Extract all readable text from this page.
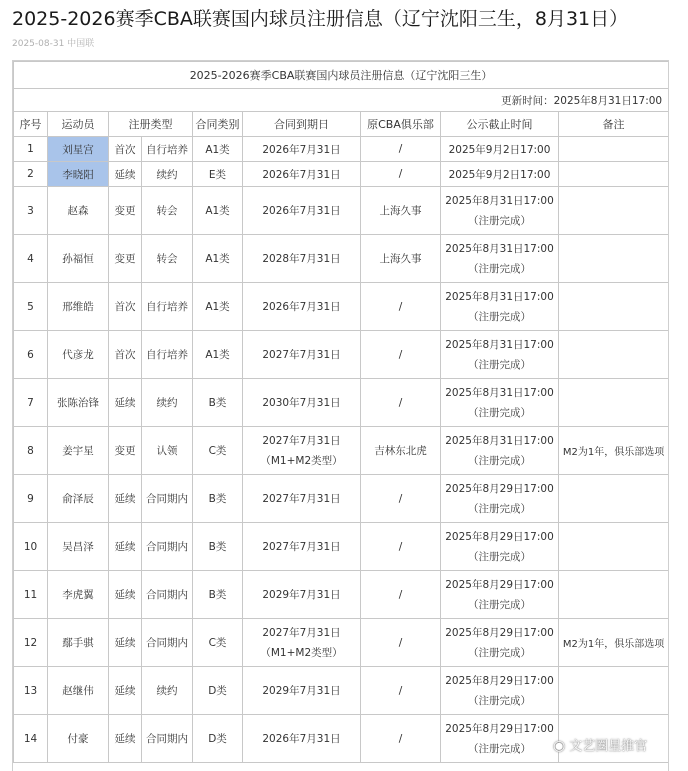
2025-2026赛季CBA联赛国内球员注册信息（辽宁沈阳三生，8月31日）
2025-08-31 中国联
2025-2026赛季CBA联赛国内球员注册信息（辽宁沈阳三生）								
更新时间：2025年8月31日17:00								
序号	运动员	注册类型		合同类别	合同到期日	原CBA俱乐部	公示截止时间	备注
1	刘星宫	首次	自行培养	A1类	2026年7月31日	/	2025年9月2日17:00	
2	李晓阳	延续	续约	E类	2026年7月31日	/	2025年9月2日17:00	
3	赵森	变更	转会	A1类	2026年7月31日	上海久事	2025年8月31日17:00
（注册完成）	
4	孙福恒	变更	转会	A1类	2028年7月31日	上海久事	2025年8月31日17:00
（注册完成）	
5	邢维皓	首次	自行培养	A1类	2026年7月31日	/	2025年8月31日17:00
（注册完成）	
6	代彦龙	首次	自行培养	A1类	2027年7月31日	/	2025年8月31日17:00
（注册完成）	
7	张陈治锋	延续	续约	B类	2030年7月31日	/	2025年8月31日17:00
（注册完成）	
8	姜宇星	变更	认领	C类	2027年7月31日
（M1+M2类型）	吉林东北虎	2025年8月31日17:00
（注册完成）	M2为1年，俱乐部选项
9	俞泽辰	延续	合同期内	B类	2027年7月31日	/	2025年8月29日17:00
（注册完成）	
10	吴昌泽	延续	合同期内	B类	2027年7月31日	/	2025年8月29日17:00
（注册完成）	
11	李虎翼	延续	合同期内	B类	2029年7月31日	/	2025年8月29日17:00
（注册完成）	
12	鄢手骐	延续	合同期内	C类	2027年7月31日
（M1+M2类型）	/	2025年8月29日17:00
（注册完成）	M2为1年，俱乐部选项
13	赵继伟	延续	续约	D类	2029年7月31日	/	2025年8月29日17:00
（注册完成）	
14	付豪	延续	合同期内	D类	2026年7月31日	/	2025年8月29日17:00
（注册完成）	◉ 文艺圈星推官
